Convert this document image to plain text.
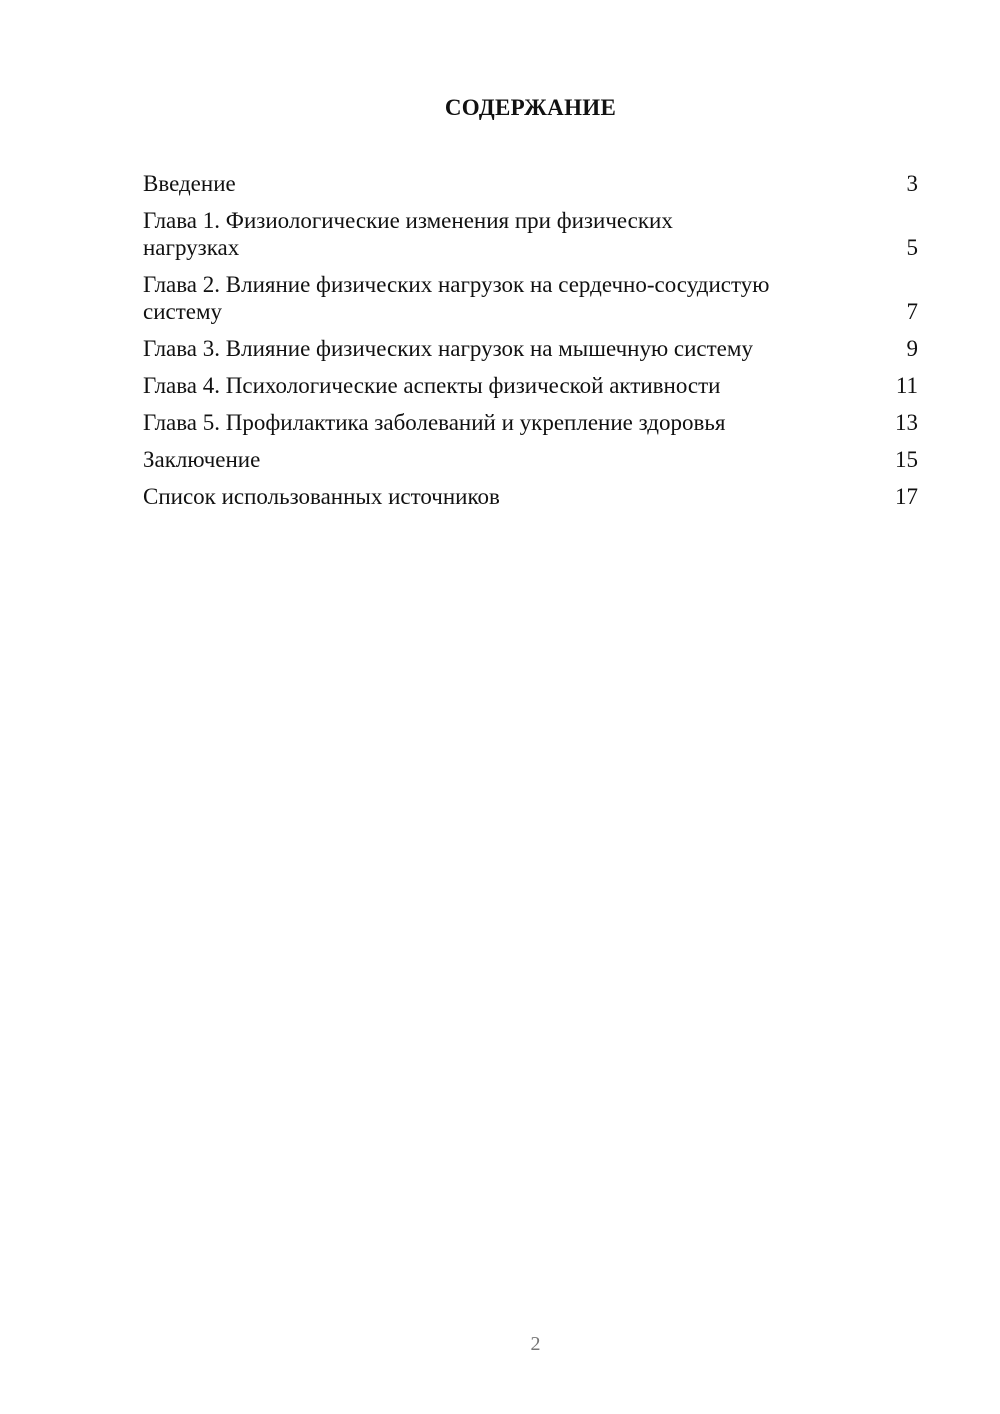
СОДЕРЖАНИЕ
Введение	3
Глава 1. Физиологические изменения при физических нагрузках	5
Глава 2. Влияние физических нагрузок на сердечно-сосудистую систему	7
Глава 3. Влияние физических нагрузок на мышечную систему	9
Глава 4. Психологические аспекты физической активности	11
Глава 5. Профилактика заболеваний и укрепление здоровья	13
Заключение	15
Список использованных источников	17
2
